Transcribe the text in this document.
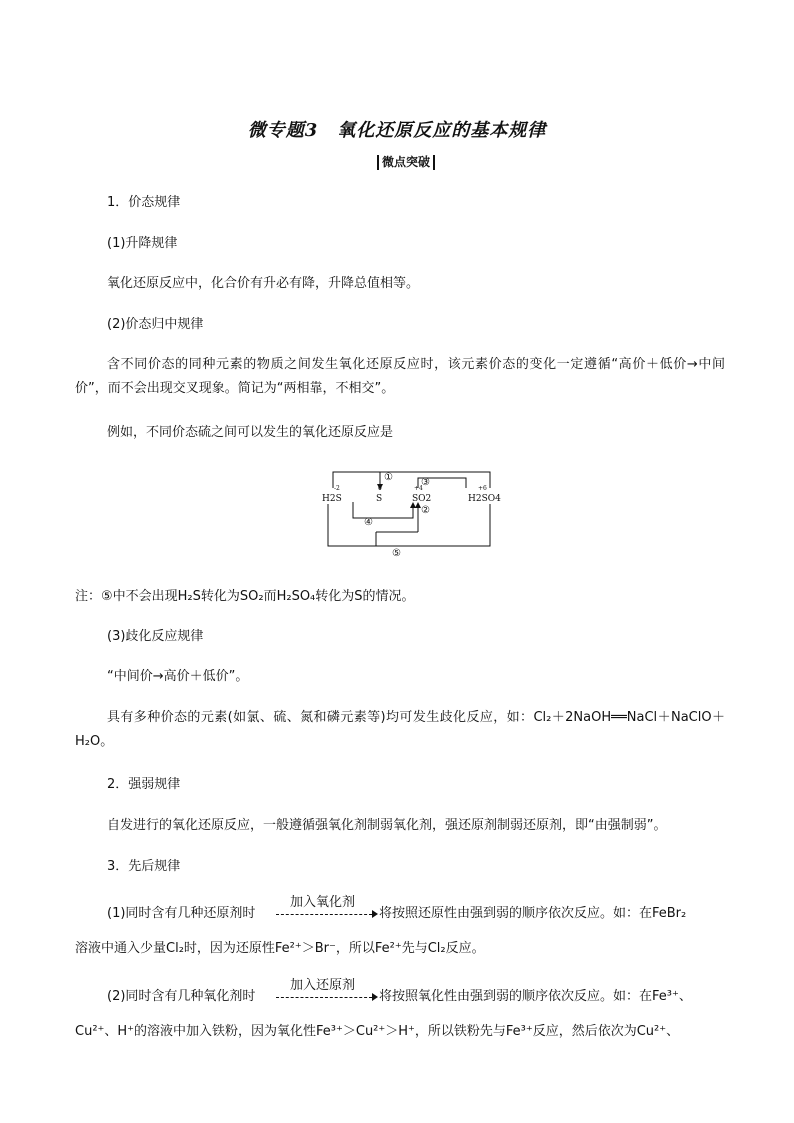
微专题3　氧化还原反应的基本规律
微点突破
1．价态规律
(1)升降规律
氧化还原反应中，化合价有升必有降，升降总值相等。
(2)价态归中规律
含不同价态的同种元素的物质之间发生氧化还原反应时，该元素价态的变化一定遵循“高价＋低价→中间价”，而不会出现交叉现象。简记为“两相靠，不相交”。
例如，不同价态硫之间可以发生的氧化还原反应是
H2S
-2
S
0
SO2
+4
H2SO4
+6
①
②
③
④
⑤
注：⑤中不会出现H₂S转化为SO₂而H₂SO₄转化为S的情况。
(3)歧化反应规律
“中间价→高价＋低价”。
具有多种价态的元素(如氯、硫、氮和磷元素等)均可发生歧化反应，如：Cl₂＋2NaOH══NaCl＋NaClO＋H₂O。
2．强弱规律
自发进行的氧化还原反应，一般遵循强氧化剂制弱氧化剂，强还原剂制弱还原剂，即“由强制弱”。
3．先后规律
(1)同时含有几种还原剂时
加入氧化剂
将按照还原性由强到弱的顺序依次反应。如：在FeBr₂
溶液中通入少量Cl₂时，因为还原性Fe²⁺＞Br⁻，所以Fe²⁺先与Cl₂反应。
(2)同时含有几种氧化剂时
加入还原剂
将按照氧化性由强到弱的顺序依次反应。如：在Fe³⁺、
Cu²⁺、H⁺的溶液中加入铁粉，因为氧化性Fe³⁺＞Cu²⁺＞H⁺，所以铁粉先与Fe³⁺反应，然后依次为Cu²⁺、
